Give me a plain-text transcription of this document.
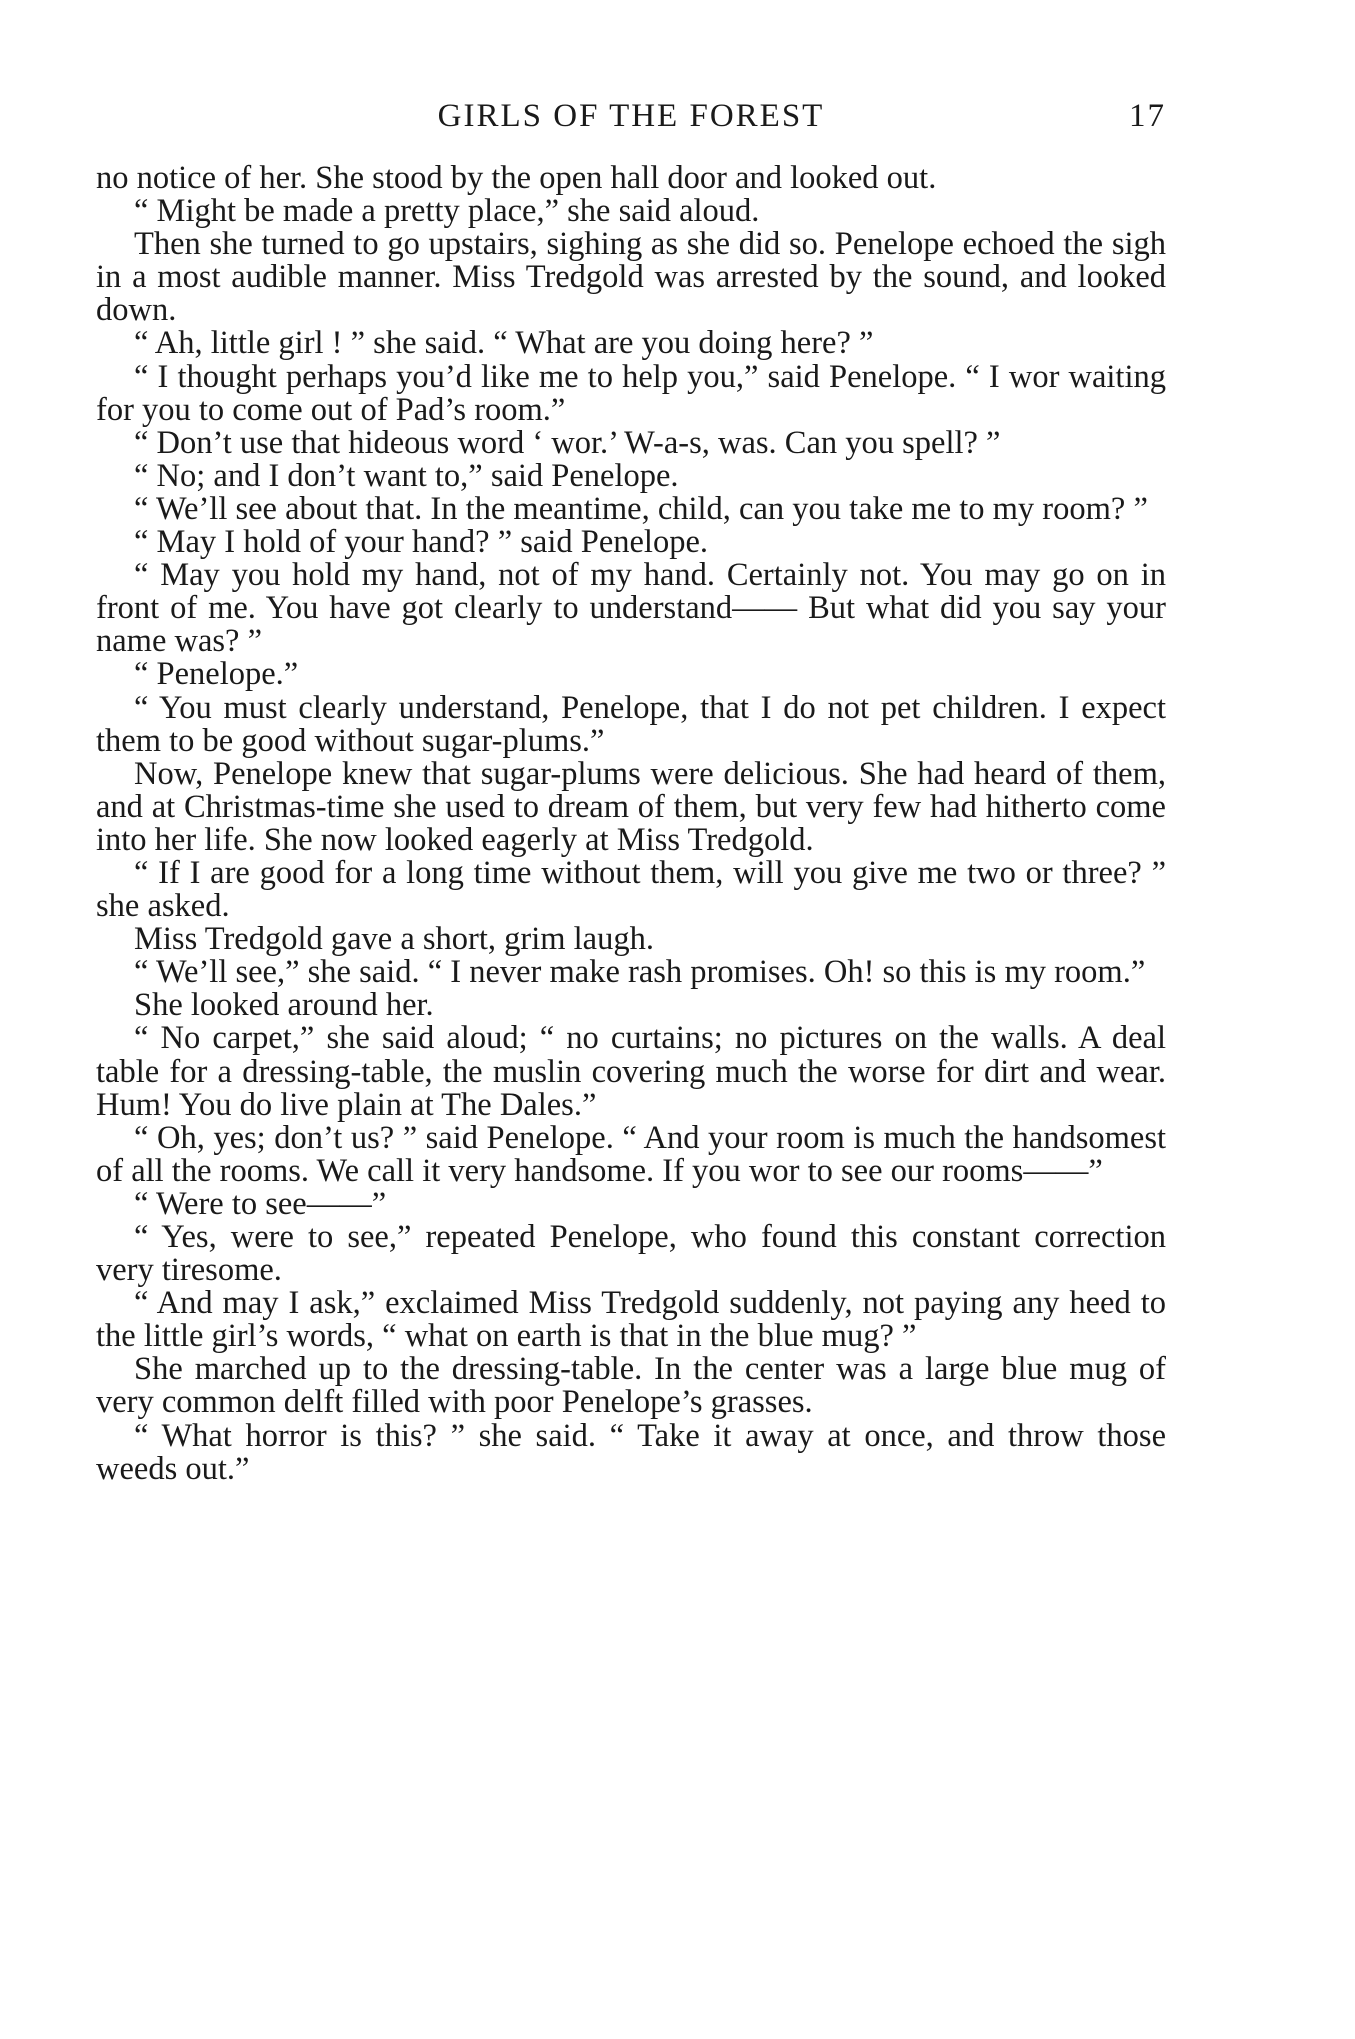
GIRLS OF THE FOREST	17

no notice of her. She stood by the open hall door and looked out.

“ Might be made a pretty place,” she said aloud.

Then she turned to go upstairs, sighing as she did so. Penelope echoed the sigh in a most audible manner. Miss Tredgold was arrested by the sound, and looked down.

“ Ah, little girl ! ” she said. “ What are you doing here? ”

“ I thought perhaps you’d like me to help you,” said Penelope. “ I wor waiting for you to come out of Pad’s room.”

“ Don’t use that hideous word ‘ wor.’ W-a-s, was. Can you spell? ”

“ No; and I don’t want to,” said Penelope.

“ We’ll see about that. In the meantime, child, can you take me to my room? ”

“ May I hold of your hand? ” said Penelope.

“ May you hold my hand, not of my hand. Certainly not. You may go on in front of me. You have got clearly to understand—— But what did you say your name was? ”

“ Penelope.”

“ You must clearly understand, Penelope, that I do not pet children. I expect them to be good without sugar-plums.”

Now, Penelope knew that sugar-plums were delicious. She had heard of them, and at Christmas-time she used to dream of them, but very few had hitherto come into her life. She now looked eagerly at Miss Tredgold.

“ If I are good for a long time without them, will you give me two or three? ” she asked.

Miss Tredgold gave a short, grim laugh.

“ We’ll see,” she said. “ I never make rash promises. Oh! so this is my room.”

She looked around her.

“ No carpet,” she said aloud; “ no curtains; no pictures on the walls. A deal table for a dressing-table, the muslin covering much the worse for dirt and wear. Hum! You do live plain at The Dales.”

“ Oh, yes; don’t us? ” said Penelope. “ And your room is much the handsomest of all the rooms. We call it very handsome. If you wor to see our rooms——”

“ Were to see——”

“ Yes, were to see,” repeated Penelope, who found this constant correction very tiresome.

“ And may I ask,” exclaimed Miss Tredgold suddenly, not paying any heed to the little girl’s words, “ what on earth is that in the blue mug? ”

She marched up to the dressing-table. In the center was a large blue mug of very common delft filled with poor Penelope’s grasses.

“ What horror is this? ” she said. “ Take it away at once, and throw those weeds out.”
